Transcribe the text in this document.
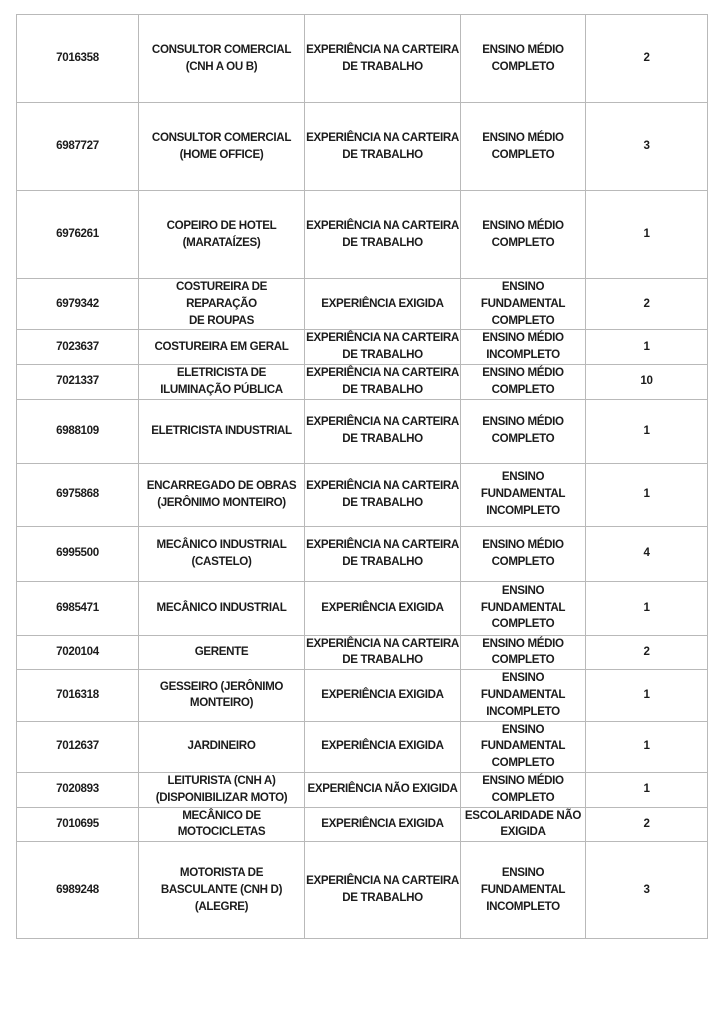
7016358	CONSULTOR COMERCIAL
(CNH A OU B)	EXPERIÊNCIA NA CARTEIRA
DE TRABALHO	ENSINO MÉDIO
COMPLETO	2
6987727	CONSULTOR COMERCIAL
(HOME OFFICE)	EXPERIÊNCIA NA CARTEIRA
DE TRABALHO	ENSINO MÉDIO
COMPLETO	3
6976261	COPEIRO DE HOTEL
(MARATAÍZES)	EXPERIÊNCIA NA CARTEIRA
DE TRABALHO	ENSINO MÉDIO
COMPLETO	1
6979342	COSTUREIRA DE REPARAÇÃO
DE ROUPAS	EXPERIÊNCIA EXIGIDA	ENSINO
FUNDAMENTAL
COMPLETO	2
7023637	COSTUREIRA EM GERAL	EXPERIÊNCIA NA CARTEIRA
DE TRABALHO	ENSINO MÉDIO
INCOMPLETO	1
7021337	ELETRICISTA DE
ILUMINAÇÃO PÚBLICA	EXPERIÊNCIA NA CARTEIRA
DE TRABALHO	ENSINO MÉDIO
COMPLETO	10
6988109	ELETRICISTA INDUSTRIAL	EXPERIÊNCIA NA CARTEIRA
DE TRABALHO	ENSINO MÉDIO
COMPLETO	1
6975868	ENCARREGADO DE OBRAS
(JERÔNIMO MONTEIRO)	EXPERIÊNCIA NA CARTEIRA
DE TRABALHO	ENSINO
FUNDAMENTAL
INCOMPLETO	1
6995500	MECÂNICO INDUSTRIAL
(CASTELO)	EXPERIÊNCIA NA CARTEIRA
DE TRABALHO	ENSINO MÉDIO
COMPLETO	4
6985471	MECÂNICO INDUSTRIAL	EXPERIÊNCIA EXIGIDA	ENSINO
FUNDAMENTAL
COMPLETO	1
7020104	GERENTE	EXPERIÊNCIA NA CARTEIRA
DE TRABALHO	ENSINO MÉDIO
COMPLETO	2
7016318	GESSEIRO (JERÔNIMO
MONTEIRO)	EXPERIÊNCIA EXIGIDA	ENSINO
FUNDAMENTAL
INCOMPLETO	1
7012637	JARDINEIRO	EXPERIÊNCIA EXIGIDA	ENSINO
FUNDAMENTAL
COMPLETO	1
7020893	LEITURISTA (CNH A)
(DISPONIBILIZAR MOTO)	EXPERIÊNCIA NÃO EXIGIDA	ENSINO MÉDIO
COMPLETO	1
7010695	MECÂNICO DE
MOTOCICLETAS	EXPERIÊNCIA EXIGIDA	ESCOLARIDADE NÃO
EXIGIDA	2
6989248	MOTORISTA DE
BASCULANTE (CNH D)
(ALEGRE)	EXPERIÊNCIA NA CARTEIRA
DE TRABALHO	ENSINO
FUNDAMENTAL
INCOMPLETO	3
